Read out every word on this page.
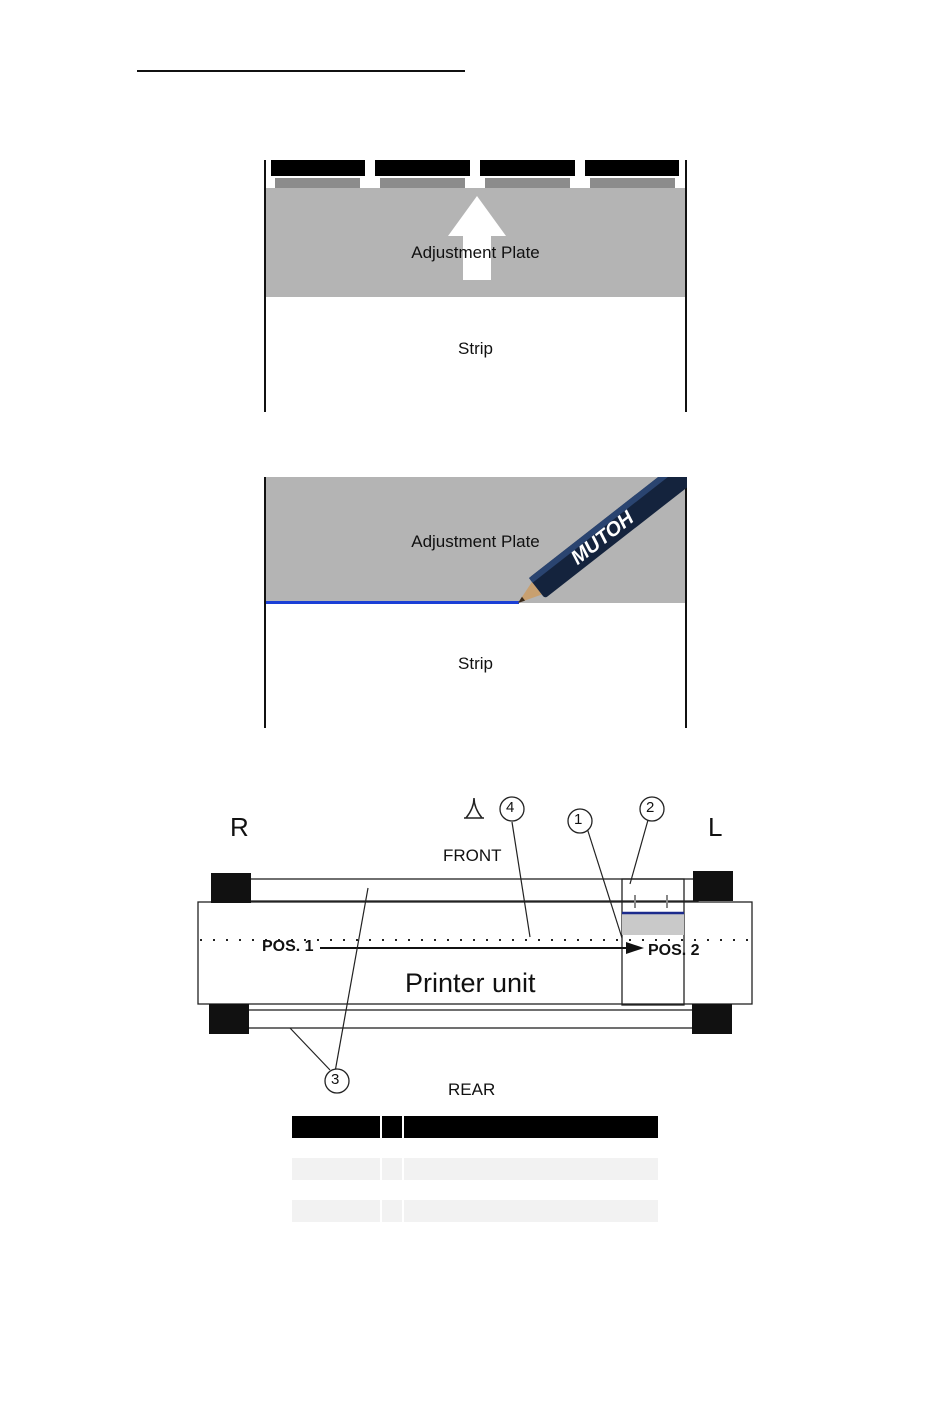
Adjustment Plate
Strip
Adjustment Plate
Strip
MUTOH
R	L
FRONT
REAR
1
2
3
4
POS. 1	POS. 2
Printer unit
